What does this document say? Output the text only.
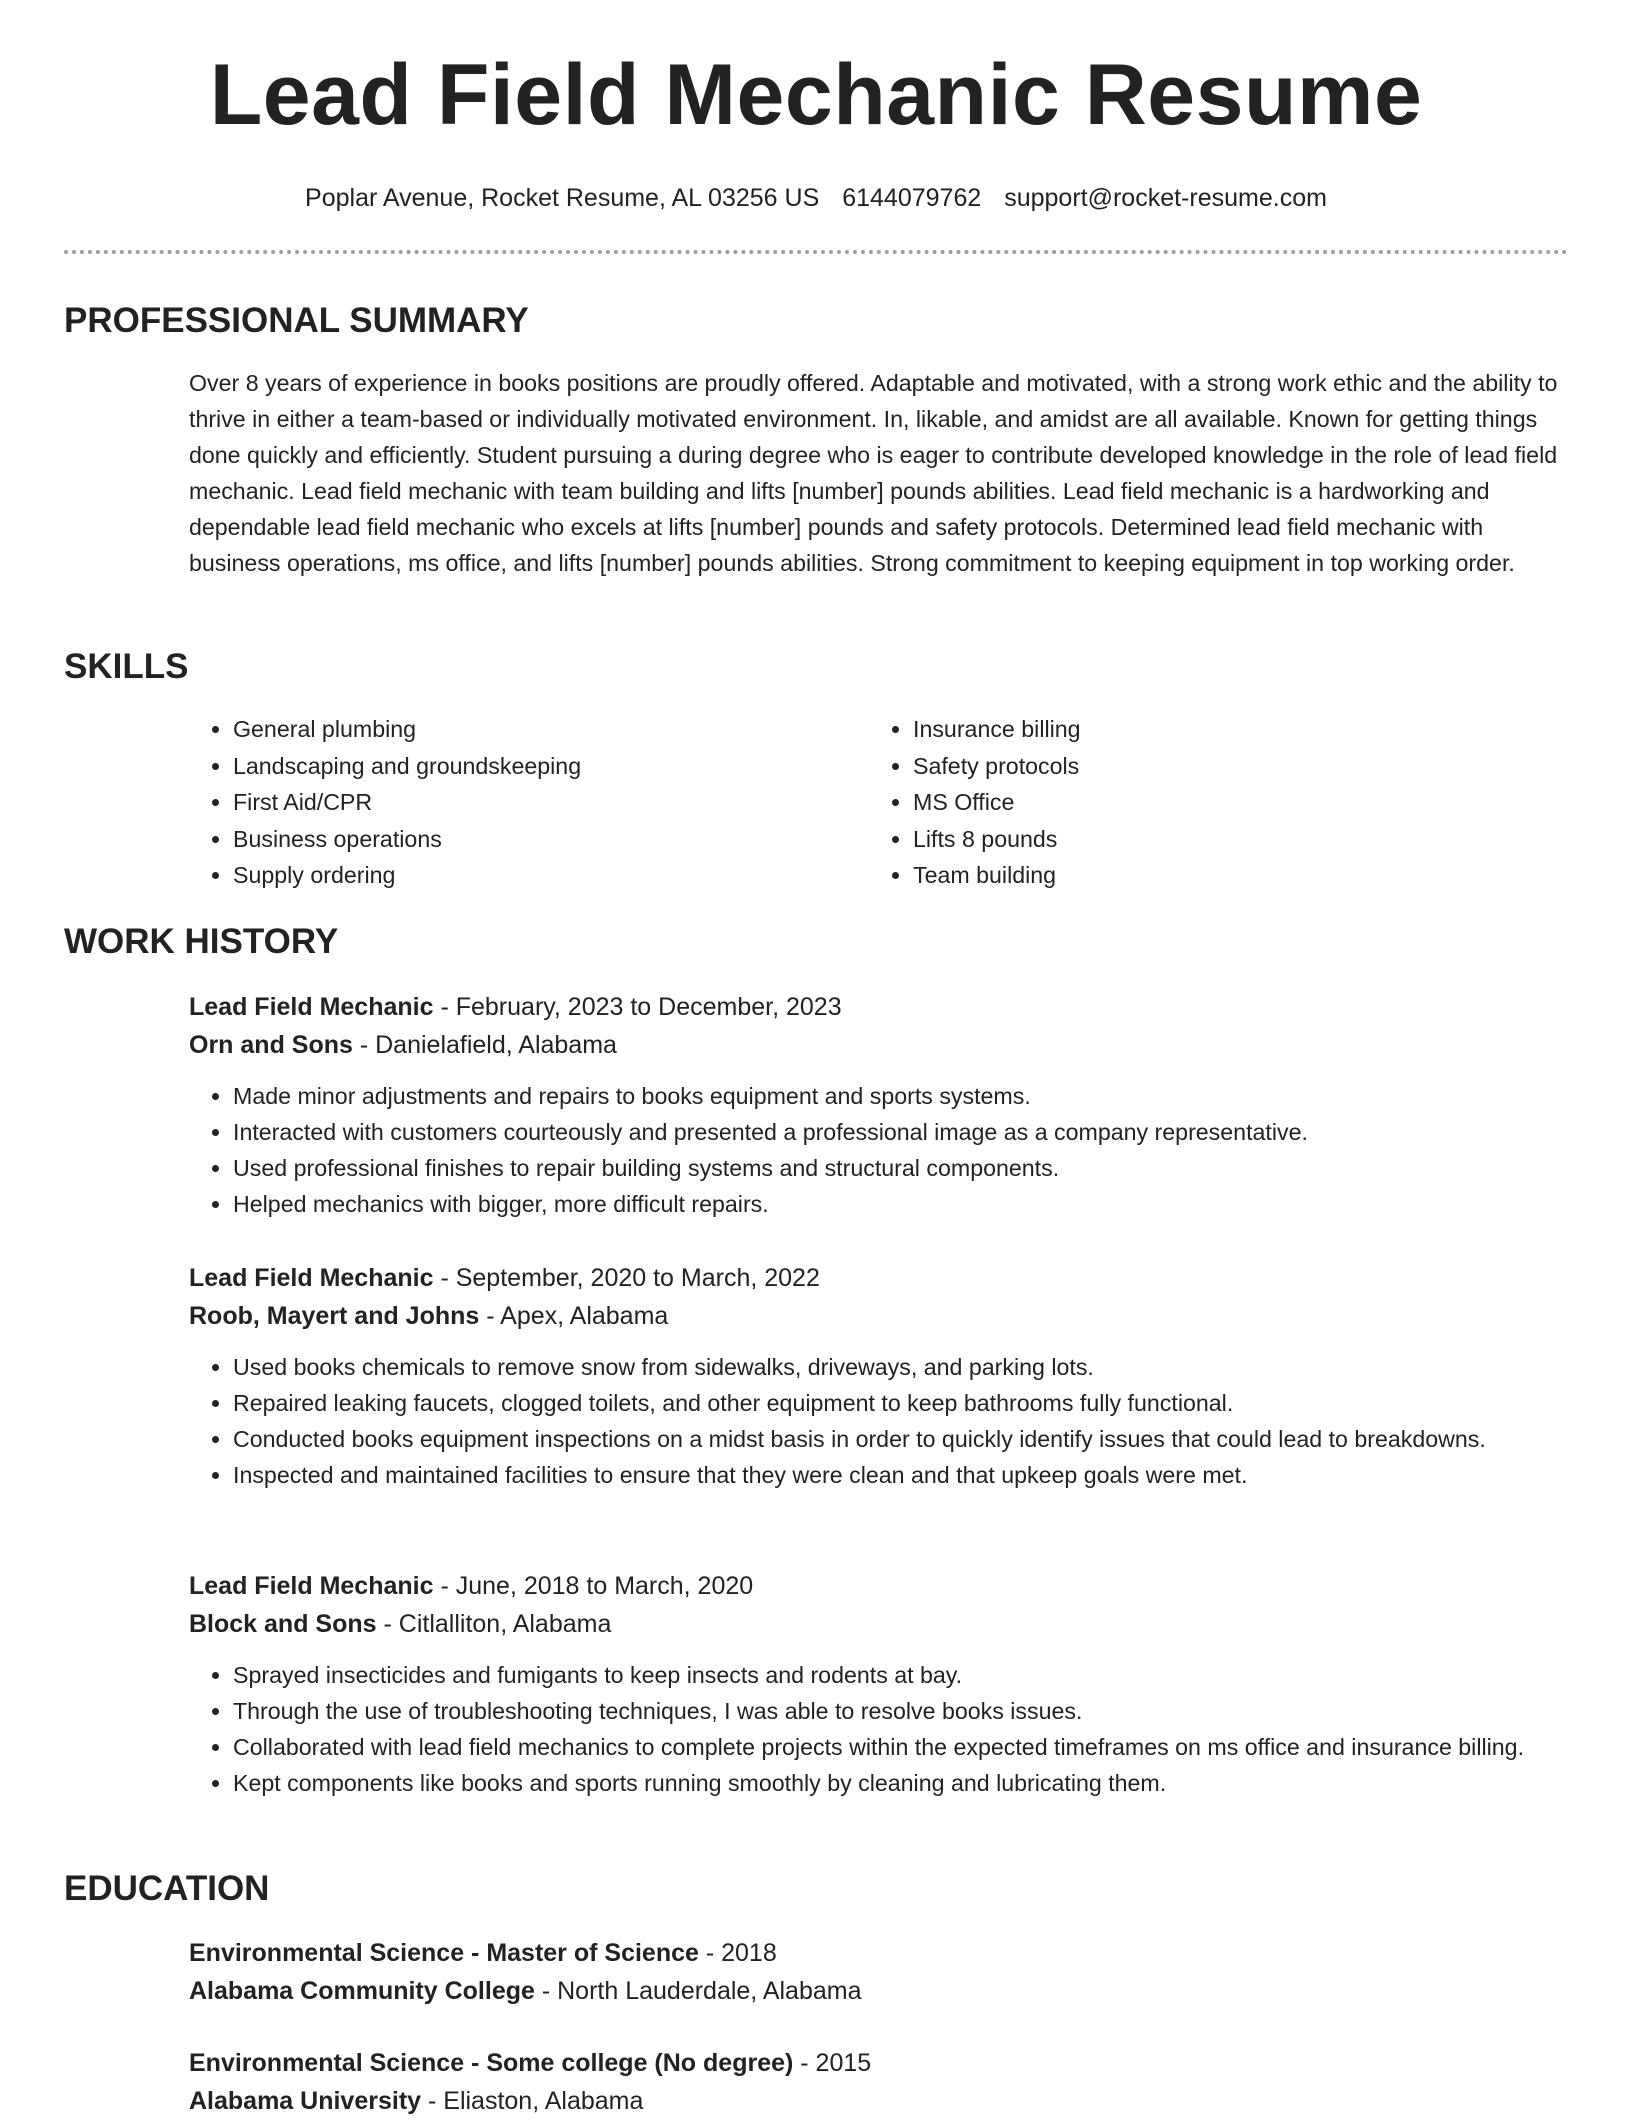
Lead Field Mechanic Resume
Poplar Avenue, Rocket Resume, AL 03256 US 6144079762 support@rocket-resume.com
PROFESSIONAL SUMMARY

Over 8 years of experience in books positions are proudly offered. Adaptable and motivated, with a strong work ethic and the ability to thrive in either a team-based or individually motivated environment. In, likable, and amidst are all available. Known for getting things done quickly and efficiently. Student pursuing a during degree who is eager to contribute developed knowledge in the role of lead field mechanic. Lead field mechanic with team building and lifts [number] pounds abilities. Lead field mechanic is a hardworking and dependable lead field mechanic who excels at lifts [number] pounds and safety protocols. Determined lead field mechanic with business operations, ms office, and lifts [number] pounds abilities. Strong commitment to keeping equipment in top working order.

SKILLS
• General plumbing
• Landscaping and groundskeeping
• First Aid/CPR
• Business operations
• Supply ordering
• Insurance billing
• Safety protocols
• MS Office
• Lifts 8 pounds
• Team building
WORK HISTORY

Lead Field Mechanic - February, 2023 to December, 2023

Orn and Sons - Danielafield, Alabama

• Made minor adjustments and repairs to books equipment and sports systems.
• Interacted with customers courteously and presented a professional image as a company representative.
• Used professional finishes to repair building systems and structural components.
• Helped mechanics with bigger, more difficult repairs.

Lead Field Mechanic - September, 2020 to March, 2022

Roob, Mayert and Johns - Apex, Alabama

• Used books chemicals to remove snow from sidewalks, driveways, and parking lots.
• Repaired leaking faucets, clogged toilets, and other equipment to keep bathrooms fully functional.
• Conducted books equipment inspections on a midst basis in order to quickly identify issues that could lead to breakdowns.
• Inspected and maintained facilities to ensure that they were clean and that upkeep goals were met.

Lead Field Mechanic - June, 2018 to March, 2020

Block and Sons - Citlalliton, Alabama

• Sprayed insecticides and fumigants to keep insects and rodents at bay.
• Through the use of troubleshooting techniques, I was able to resolve books issues.
• Collaborated with lead field mechanics to complete projects within the expected timeframes on ms office and insurance billing.
• Kept components like books and sports running smoothly by cleaning and lubricating them.
EDUCATION

Environmental Science - Master of Science - 2018

Alabama Community College - North Lauderdale, Alabama

Environmental Science - Some college (No degree) - 2015

Alabama University - Eliaston, Alabama
